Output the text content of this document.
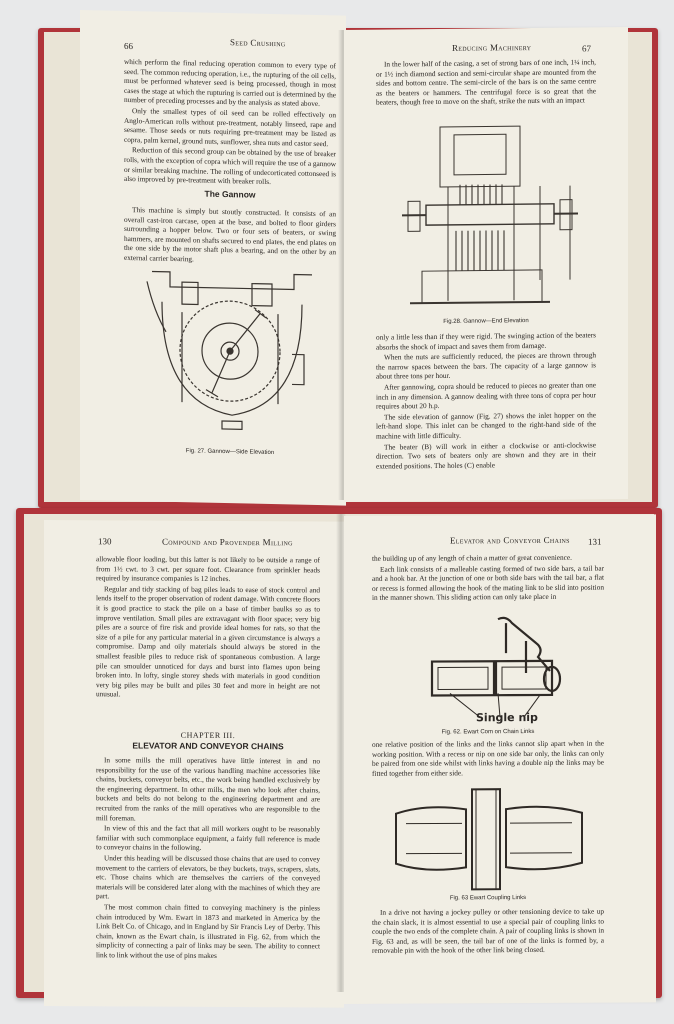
66	Seed Crushing

which perform the final reducing operation common to every type of seed. The common reducing operation, i.e., the rupturing of the oil cells, must be performed whatever seed is being processed, though in most cases the stage at which the rupturing is carried out is determined by the number of preceding processes and by the analysis as stated above.

Only the smallest types of oil seed can be rolled effectively on Anglo-American rolls without pre-treatment, notably linseed, rape and sesame. Those seeds or nuts requiring pre-treatment may be listed as copra, palm kernel, ground nuts, sunflower, shea nuts and castor seed.

Reduction of this second group can be obtained by the use of breaker rolls, with the exception of copra which will require the use of a gannow or similar breaking machine. The rolling of undecorticated cottonseed is also improved by pre-treatment with breaker rolls.

The Gannow

This machine is simply but stoutly constructed. It consists of an overall cast-iron carcase, open at the base, and bolted to floor girders surrounding a hopper below. Two or four sets of beaters, or swing hammers, are mounted on shafts secured to end plates, the end plates on the one side by the motor shaft plus a bearing, and on the other by an external carrier bearing.

Fig. 27. Gannow—Side Elevation
Reducing Machinery	67

In the lower half of the casing, a set of strong bars of one inch, 1¼ inch, or 1½ inch diamond section and semi-circular shape are mounted from the sides and bottom centre. The semi-circle of the bars is on the same centre as the beaters or hammers. The centrifugal force is so great that the beaters, though free to move on the shaft, strike the nuts with an impact

Fig.28. Gannow—End Elevation

only a little less than if they were rigid. The swinging action of the beaters absorbs the shock of impact and saves them from damage.

When the nuts are sufficiently reduced, the pieces are thrown through the narrow spaces between the bars. The capacity of a large gannow is about three tons per hour.

After gannowing, copra should be reduced to pieces no greater than one inch in any dimension. A gannow dealing with three tons of copra per hour requires about 20 h.p.

The side elevation of gannow (Fig. 27) shows the inlet hopper on the left-hand slope. This inlet can be changed to the right-hand side of the machine with little difficulty.

The beater (B) will work in either a clockwise or anti-clockwise direction. Two sets of beaters only are shown and they are in their extended positions. The holes (C) enable

130	Compound and Provender Milling

allowable floor loading, but this latter is not likely to be outside a range of from 1½ cwt. to 3 cwt. per square foot. Clearance from sprinkler heads required by insurance companies is 12 inches.

Regular and tidy stacking of bag piles leads to ease of stock control and lends itself to the proper observation of rodent damage. With concrete floors it is good practice to stack the pile on a base of timber baulks so as to improve ventilation. Small piles are extravagant with floor space; very big piles are a source of fire risk and provide ideal homes for rats, so that the size of a pile for any particular material in a given circumstance is always a compromise. Damp and oily materials should always be stored in the smallest feasible piles to reduce risk of spontaneous combustion. A large pile can smoulder unnoticed for days and burst into flames upon being broken into. In lofty, single storey sheds with materials in good condition very big piles may be built and piles 30 feet and more in height are not unusual.

CHAPTER III.
ELEVATOR AND CONVEYOR CHAINS

In some mills the mill operatives have little interest in and no responsibility for the use of the various handling machine accessories like chains, buckets, conveyor belts, etc., the work being handled exclusively by the engineering department. In other mills, the men who look after chains, buckets and belts do not belong to the engineering department and are recruited from the ranks of the mill operatives who are responsible to the mill foreman.

In view of this and the fact that all mill workers ought to be reasonably familiar with such commonplace equipment, a fairly full reference is made to conveyor chains in the following.

Under this heading will be discussed those chains that are used to convey movement to the carriers of elevators, be they buckets, trays, scrapers, slats, etc. Those chains which are themselves the carriers of the conveyed materials will be considered later along with the machines of which they are part.

The most common chain fitted to conveying machinery is the pinless chain introduced by Wm. Ewart in 1873 and marketed in America by the Link Belt Co. of Chicago, and in England by Sir Francis Ley of Derby. This chain, known as the Ewart chain, is illustrated in Fig. 62, from which the simplicity of connecting a pair of links may be seen. The ability to connect link to link without the use of pins makes

Elevator and Conveyor Chains 131

the building up of any length of chain a matter of great convenience.

Each link consists of a malleable casting formed of two side bars, a tail bar and a hook bar. At the junction of one or both side bars with the tail bar, a flat or recess is formed allowing the hook of the mating link to be slid into position in the manner shown. This sliding action can only take place in

Single nip
Fig. 62. Ewart Com on Chain Links

one relative position of the links and the links cannot slip apart when in the working position. With a recess or nip on one side bar only, the links can only be paired from one side whilst with links having a double nip the links may be fitted together from either side.

Fig. 63 Ewart Coupling Links

In a drive not having a jockey pulley or other tensioning device to take up the chain slack, it is almost essential to use a special pair of coupling links to couple the two ends of the complete chain. A pair of coupling links is shown in Fig. 63 and, as will be seen, the tail bar of one of the links is formed by, a removable pin with the hook of the other link being closed.
